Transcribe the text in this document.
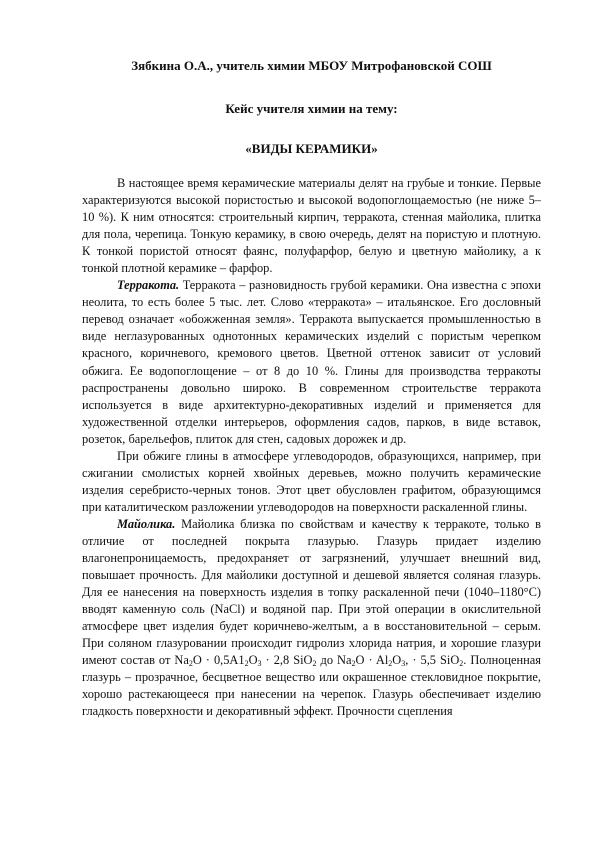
Зябкина О.А., учитель химии МБОУ Митрофановской СОШ

Кейс учителя химии на тему:

«ВИДЫ КЕРАМИКИ»

В настоящее время керамические материалы делят на грубые и тонкие. Первые характеризуются высокой пористостью и высокой водопоглощаемостью (не ниже 5–10 %). К ним относятся: строительный кирпич, терракота, стенная майолика, плитка для пола, черепица. Тонкую керамику, в свою очередь, делят на пористую и плотную. К тонкой пористой относят фаянс, полуфарфор, белую и цветную майолику, а к тонкой плотной керамике – фарфор.

Терракота. Терракота – разновидность грубой керамики. Она известна с эпохи неолита, то есть более 5 тыс. лет. Слово «терракота» – итальянское. Его дословный перевод означает «обожженная земля». Терракота выпускается промышленностью в виде неглазурованных однотонных керамических изделий с пористым черепком красного, коричневого, кремового цветов. Цветной оттенок зависит от условий обжига. Ее водопоглощение – от 8 до 10 %. Глины для производства терракоты распространены довольно широко. В современном строительстве терракота используется в виде архитектурно-декоративных изделий и применяется для художественной отделки интерьеров, оформления садов, парков, в виде вставок, розеток, барельефов, плиток для стен, садовых дорожек и др.

При обжиге глины в атмосфере углеводородов, образующихся, например, при сжигании смолистых корней хвойных деревьев, можно получить керамические изделия серебристо-черных тонов. Этот цвет обусловлен графитом, образующимся при каталитическом разложении углеводородов на поверхности раскаленной глины.

Майолика. Майолика близка по свойствам и качеству к терракоте, только в отличие от последней покрыта глазурью. Глазурь придает изделию влагонепроницаемость, предохраняет от загрязнений, улучшает внешний вид, повышает прочность. Для майолики доступной и дешевой является соляная глазурь. Для ее нанесения на поверхность изделия в топку раскаленной печи (1040–1180°С) вводят каменную соль (NaCl) и водяной пар. При этой операции в окислительной атмосфере цвет изделия будет коричнево-желтым, а в восстановительной – серым. При соляном глазуровании происходит гидролиз хлорида натрия, и хорошие глазури имеют состав от $Na_2O \cdot 0,5A1_2O_3 \cdot 2,8$ SiO$_2$ до $Na_2O \cdot Al_2O_3$, · 5,5 SiO$_2$. Полноценная глазурь – прозрачное, бесцветное вещество или окрашенное стекловидное покрытие, хорошо растекающееся при нанесении на черепок. Глазурь обеспечивает изделию гладкость поверхности и декоративный эффект. Прочности сцепления
